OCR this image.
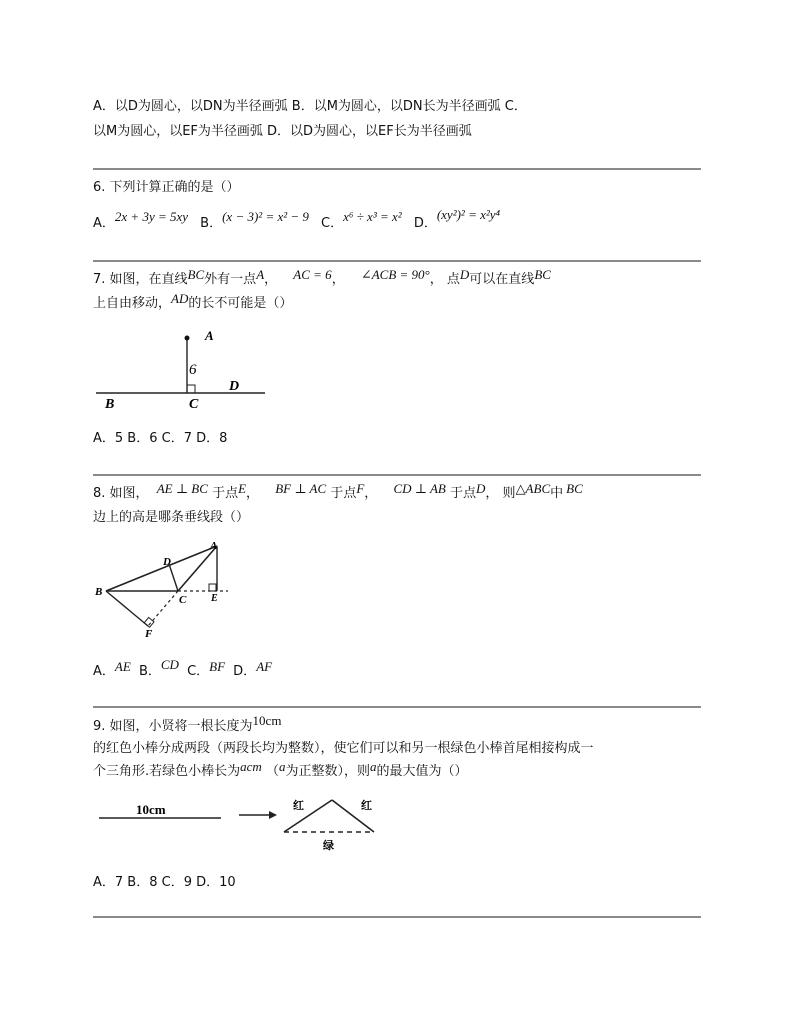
A．以D为圆心，以DN为半径画弧 B．以M为圆心，以DN长为半径画弧 C．
以M为圆心，以EF为半径画弧 D．以D为圆心，以EF长为半径画弧
6. 下列计算正确的是（）
A．2x + 3y = 5xy B．(x − 3)² = x² − 9 C．x⁶ ÷ x³ = x² D．(xy²)² = x²y⁴
7. 如图，在直线BC外有一点A， AC = 6， ∠ACB = 90°， 点D可以在直线BC
上自由移动，AD的长不可能是（）
A
6
D
B	C
A．5 B．6 C．7 D．8
8. 如图， AE ⊥ BC 于点E， BF ⊥ AC 于点F， CD ⊥ AB 于点D， 则△ABC中 BC
边上的高是哪条垂线段（）
A
B
C
D
E
F
A．AE B．CD C．BF D．AF
9. 如图，小贤将一根长度为10cm
的红色小棒分成两段（两段长均为整数），使它们可以和另一根绿色小棒首尾相接构成一
个三角形.若绿色小棒长为acm （a为正整数），则a的最大值为（）
10cm	红	红
绿
A．7 B．8 C．9 D．10
